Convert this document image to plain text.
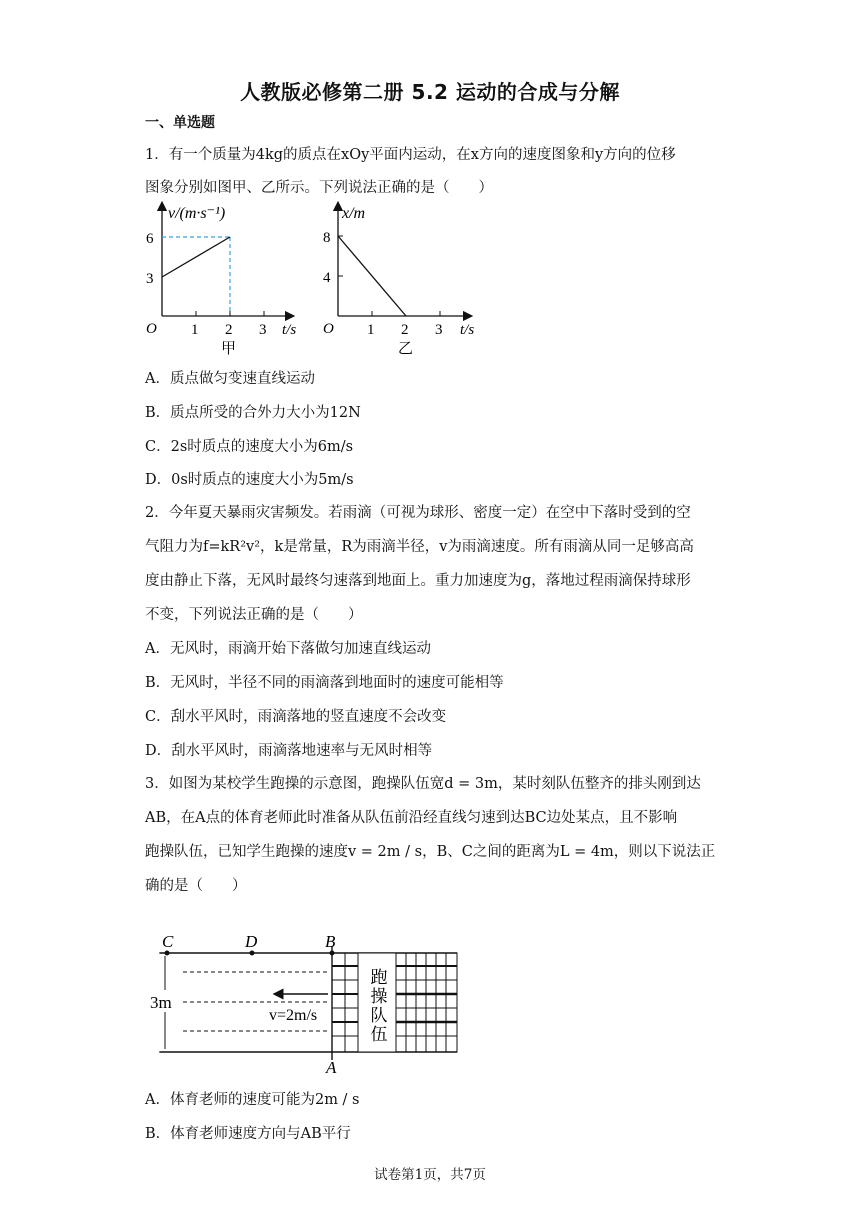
人教版必修第二册 5.2 运动的合成与分解
一、单选题
1．有一个质量为4kg的质点在xOy平面内运动，在x方向的速度图象和y方向的位移
图象分别如图甲、乙所示。下列说法正确的是（　　）
v/(m·s⁻¹)
6
3
O 1 2 3 t/s
甲
x/m
8
4
O 1 2 3 t/s
乙
A．质点做匀变速直线运动
B．质点所受的合外力大小为12N
C．2s时质点的速度大小为6m/s
D．0s时质点的速度大小为5m/s
2．今年夏天暴雨灾害频发。若雨滴（可视为球形、密度一定）在空中下落时受到的空
气阻力为f=kR²v²，k是常量，R为雨滴半径，v为雨滴速度。所有雨滴从同一足够高高
度由静止下落，无风时最终匀速落到地面上。重力加速度为g，落地过程雨滴保持球形
不变，下列说法正确的是（　　）
A．无风时，雨滴开始下落做匀加速直线运动
B．无风时，半径不同的雨滴落到地面时的速度可能相等
C．刮水平风时，雨滴落地的竖直速度不会改变
D．刮水平风时，雨滴落地速率与无风时相等
3．如图为某校学生跑操的示意图，跑操队伍宽d = 3m，某时刻队伍整齐的排头刚到达
AB，在A点的体育老师此时准备从队伍前沿经直线匀速到达BC边处某点，且不影响
跑操队伍，已知学生跑操的速度v = 2m / s，B、C之间的距离为L = 4m，则以下说法正
确的是（　　）
3m
v=2m/s	跑操队伍
C	D	B
A
A．体育老师的速度可能为2m / s
B．体育老师速度方向与AB平行
试卷第1页，共7页
